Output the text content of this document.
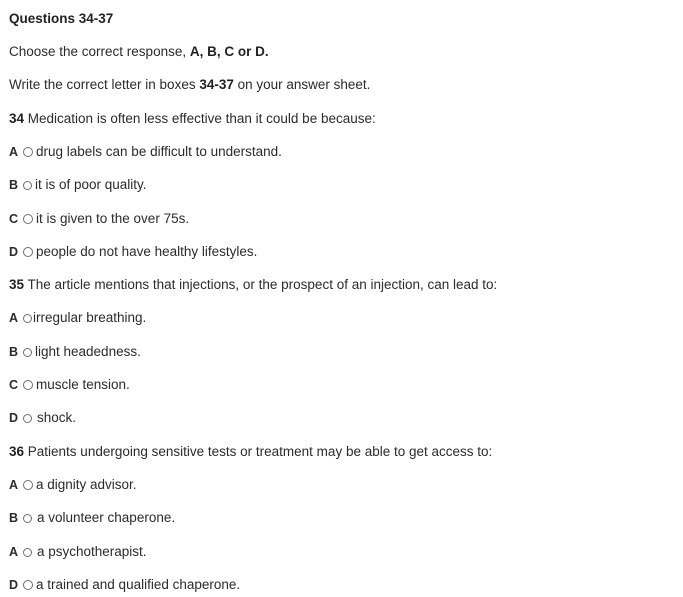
Questions 34-37
Choose the correct response, A, B, C or D.
Write the correct letter in boxes 34-37 on your answer sheet.
34 Medication is often less effective than it could be because:
A	drug labels can be difficult to understand.
B	it is of poor quality.
C	it is given to the over 75s.
D	people do not have healthy lifestyles.
35 The article mentions that injections, or the prospect of an injection, can lead to:
A	irregular breathing.
B	light headedness.
C	muscle tension.
D	shock.
36 Patients undergoing sensitive tests or treatment may be able to get access to:
A	a dignity advisor.
B	a volunteer chaperone.
A	a psychotherapist.
D	a trained and qualified chaperone.
